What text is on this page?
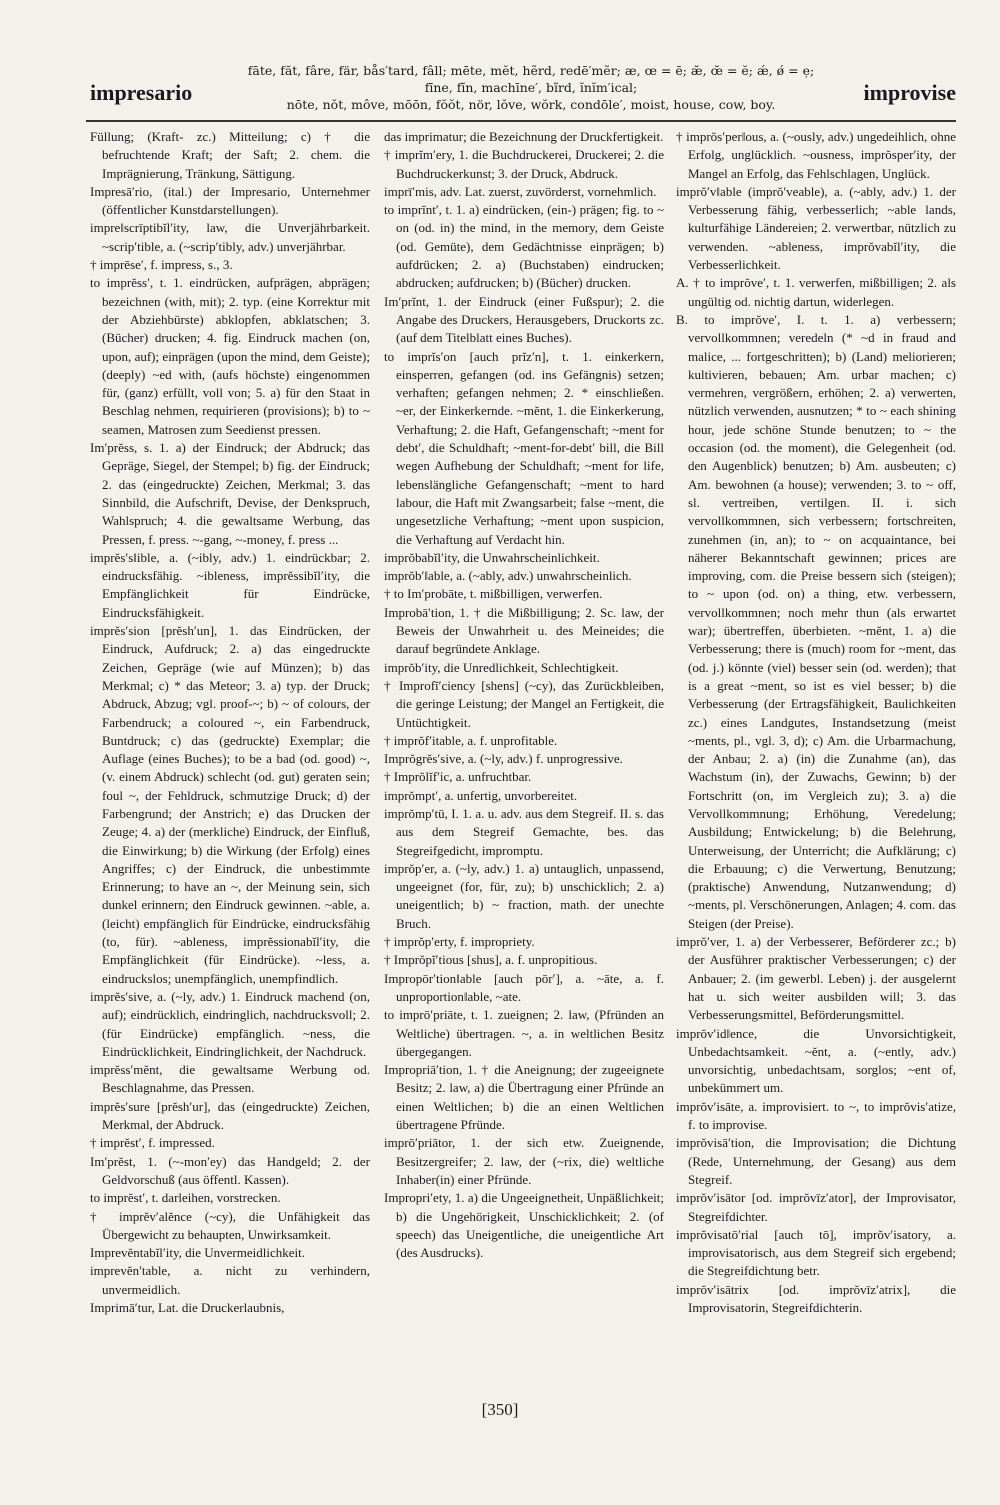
impresario
fāte, făt, fâre, fär, bås′tard, fâll; mēte, mĕt, hẽrd, redē′mẽr; æ, œ = ē; æ̆, œ̆ = ĕ; ǽ, ǿ = ẹ;
fīne, fĭn, machīne′, bĩrd, ĭnĭm′ical;
nōte, nŏt, môve, mōōn, fŏŏt, nör, lŏve, wŏrk, condōle′, moist, house, cow, boy.	improvise

Füllung; (Kraft- zc.) Mitteilung; c) † die befruchtende Kraft; der Saft; 2. chem. die Imprägnierung, Tränkung, Sättigung.

Impresā′rio, (ital.) der Impresario, Unternehmer (öffentlicher Kunstdarstellungen).

impre‖scrīptibĭl′ity, law, die Unverjährbarkeit. ~scrip′tible, a. (~scrip′tibly, adv.) unverjährbar.

† imprēse′, f. impress, s., 3.

to imprĕss′, t. 1. eindrücken, aufprägen, abprägen; bezeichnen (with, mit); 2. typ. (eine Korrektur mit der Abziehbürste) abklopfen, abklatschen; 3. (Bücher) drucken; 4. fig. Eindruck machen (on, upon, auf); einprägen (upon the mind, dem Geiste); (deeply) ~ed with, (aufs höchste) eingenommen für, (ganz) erfüllt, voll von; 5. a) für den Staat in Beschlag nehmen, requirieren (provisions); b) to ~ seamen, Matrosen zum Seedienst pressen.

Im′prĕss, s. 1. a) der Eindruck; der Abdruck; das Gepräge, Siegel, der Stempel; b) fig. der Eindruck; 2. das (eingedruckte) Zeichen, Merkmal; 3. das Sinnbild, die Aufschrift, Devise, der Denkspruch, Wahlspruch; 4. die gewaltsame Werbung, das Pressen, f. press. ~-gang, ~-money, f. press ...

imprĕs′s‖ible, a. (~ibly, adv.) 1. eindrückbar; 2. eindrucksfähig. ~ibleness, imprĕssibĭl′ity, die Empfänglichkeit für Eindrücke, Eindrucksfähigkeit.

imprĕs′sion [prĕsh′un], 1. das Eindrücken, der Eindruck, Aufdruck; 2. a) das eingedruckte Zeichen, Gepräge (wie auf Münzen); b) das Merkmal; c) * das Meteor; 3. a) typ. der Druck; Abdruck, Abzug; vgl. proof-~; b) ~ of colours, der Farbendruck; a coloured ~, ein Farbendruck, Buntdruck; c) das (gedruckte) Exemplar; die Auflage (eines Buches); to be a bad (od. good) ~, (v. einem Abdruck) schlecht (od. gut) geraten sein; foul ~, der Fehldruck, schmutzige Druck; d) der Farbengrund; der Anstrich; e) das Drucken der Zeuge; 4. a) der (merkliche) Eindruck, der Einfluß, die Einwirkung; b) die Wirkung (der Erfolg) eines Angriffes; c) der Eindruck, die unbestimmte Erinnerung; to have an ~, der Meinung sein, sich dunkel erinnern; den Eindruck gewinnen. ~able, a. (leicht) empfänglich für Eindrücke, eindrucksfähig (to, für). ~ableness, imprĕssionabĭl′ity, die Empfänglichkeit (für Eindrücke). ~less, a. eindruckslos; unempfänglich, unempfindlich.

imprĕs′sive, a. (~ly, adv.) 1. Eindruck machend (on, auf); eindrücklich, eindringlich, nachdrucksvoll; 2. (für Eindrücke) empfänglich. ~ness, die Eindrücklichkeit, Eindringlichkeit, der Nachdruck.

imprĕss′mĕnt, die gewaltsame Werbung od. Beschlagnahme, das Pressen.

imprĕs′sure [prĕsh′ur], das (eingedruckte) Zeichen, Merkmal, der Abdruck.

† imprĕst′, f. impressed.

Im′prĕst, 1. (~-mon′ey) das Handgeld; 2. der Geldvorschuß (aus öffentl. Kassen).

to imprĕst′, t. darleihen, vorstrecken.

† imprĕv′alĕnce (~cy), die Unfähigkeit das Übergewicht zu behaupten, Unwirksamkeit.

Imprevĕntabĭl′ity, die Unvermeidlichkeit.

imprevĕn′table, a. nicht zu verhindern, unvermeidlich.

Imprimā′tur, Lat. die Druckerlaubnis,

das imprimatur; die Bezeichnung der Druckfertigkeit.

† imprĭm′ery, 1. die Buchdruckerei, Druckerei; 2. die Buchdruckerkunst; 3. der Druck, Abdruck.

imprī′mis, adv. Lat. zuerst, zuvörderst, vornehmlich.

to imprĭnt′, t. 1. a) eindrücken, (ein-) prägen; fig. to ~ on (od. in) the mind, in the memory, dem Geiste (od. Gemüte), dem Gedächtnisse einprägen; b) aufdrücken; 2. a) (Buchstaben) eindrucken; abdrucken; aufdrucken; b) (Bücher) drucken.

Im′prĭnt, 1. der Eindruck (einer Fußspur); 2. die Angabe des Druckers, Herausgebers, Druckorts zc. (auf dem Titelblatt eines Buches).

to imprĭs′on [auch prĭz′n], t. 1. einkerkern, einsperren, gefangen (od. ins Gefängnis) setzen; verhaften; gefangen nehmen; 2. * einschließen. ~er, der Einkerkernde. ~mĕnt, 1. die Einkerkerung, Verhaftung; 2. die Haft, Gefangenschaft; ~ment for debt′, die Schuldhaft; ~ment-for-debt′ bill, die Bill wegen Aufhebung der Schuldhaft; ~ment for life, lebenslängliche Gefangenschaft; ~ment to hard labour, die Haft mit Zwangsarbeit; false ~ment, die ungesetzliche Verhaftung; ~ment upon suspicion, die Verhaftung auf Verdacht hin.

imprŏbabĭl′ity, die Unwahrscheinlichkeit.

imprŏb′‖able, a. (~ably, adv.) unwahrscheinlich.

† to Im′probāte, t. mißbilligen, verwerfen.

Improbā′tion, 1. † die Mißbilligung; 2. Sc. law, der Beweis der Unwahrheit u. des Meineides; die darauf begründete Anklage.

imprŏb′ity, die Unredlichkeit, Schlechtigkeit.

† Improfĭ′ciency [shens] (~cy), das Zurückbleiben, die geringe Leistung; der Mangel an Fertigkeit, die Untüchtigkeit.

† imprŏf′itable, a. f. unprofitable.

Imprŏgrĕs′sive, a. (~ly, adv.) f. unprogressive.

† Imprŏlĭf′ic, a. unfruchtbar.

imprŏmpt′, a. unfertig, unvorbereitet.

imprŏmp′tū, I. 1. a. u. adv. aus dem Stegreif. II. s. das aus dem Stegreif Gemachte, bes. das Stegreifgedicht, impromptu.

imprŏp′er, a. (~ly, adv.) 1. a) untauglich, unpassend, ungeeignet (for, für, zu); b) unschicklich; 2. a) uneigentlich; b) ~ fraction, math. der unechte Bruch.

† imprŏp′erty, f. impropriety.

† Imprŏpĭ′tious [shus], a. f. unpropitious.

Impropōr′tion‖able [auch pōr′], a. ~āte, a. f. unproportion‖able, ~ate.

to imprō′priāte, t. 1. zueignen; 2. law, (Pfründen an Weltliche) übertragen. ~, a. in weltlichen Besitz übergegangen.

Impropriā′tion, 1. † die Aneignung; der zugeeignete Besitz; 2. law, a) die Übertragung einer Pfründe an einen Weltlichen; b) die an einen Weltlichen übertragene Pfründe.

imprō′priātor, 1. der sich etw. Zueignende, Besitzergreifer; 2. law, der (~rix, die) weltliche Inhaber(in) einer Pfründe.

Impropri′ety, 1. a) die Ungeeignetheit, Unpäßlichkeit; b) die Ungehörigkeit, Unschicklichkeit; 2. (of speech) das Uneigentliche, die uneigentliche Art (des Ausdrucks).

† imprŏs′per‖ous, a. (~ously, adv.) ungedeihlich, ohne Erfolg, unglücklich. ~ousness, imprŏsper′ity, der Mangel an Erfolg, das Fehlschlagen, Unglück.

imprŏ′v‖able (imprŏ′veable), a. (~ably, adv.) 1. der Verbesserung fähig, verbesserlich; ~able lands, kulturfähige Ländereien; 2. verwertbar, nützlich zu verwenden. ~ableness, imprŏvabĭl′ity, die Verbesserlichkeit.

A. † to imprŏve′, t. 1. verwerfen, mißbilligen; 2. als ungültig od. nichtig dartun, widerlegen.

B. to imprŏve′, I. t. 1. a) verbessern; vervollkommnen; veredeln (* ~d in fraud and malice, ... fortgeschritten); b) (Land) meliorieren; kultivieren, bebauen; Am. urbar machen; c) vermehren, vergrößern, erhöhen; 2. a) verwerten, nützlich verwenden, ausnutzen; * to ~ each shining hour, jede schöne Stunde benutzen; to ~ the occasion (od. the moment), die Gelegenheit (od. den Augenblick) benutzen; b) Am. ausbeuten; c) Am. bewohnen (a house); verwenden; 3. to ~ off, sl. vertreiben, vertilgen. II. i. sich vervollkommnen, sich verbessern; fortschreiten, zunehmen (in, an); to ~ on acquaintance, bei näherer Bekanntschaft gewinnen; prices are improving, com. die Preise bessern sich (steigen); to ~ upon (od. on) a thing, etw. verbessern, vervollkommnen; noch mehr thun (als erwartet war); übertreffen, überbieten. ~mĕnt, 1. a) die Verbesserung; there is (much) room for ~ment, das (od. j.) könnte (viel) besser sein (od. werden); that is a great ~ment, so ist es viel besser; b) die Verbesserung (der Ertragsfähigkeit, Baulichkeiten zc.) eines Landgutes, Instandsetzung (meist ~ments, pl., vgl. 3, d); c) Am. die Urbarmachung, der Anbau; 2. a) (in) die Zunahme (an), das Wachstum (in), der Zuwachs, Gewinn; b) der Fortschritt (on, im Vergleich zu); 3. a) die Vervollkommnung; Erhöhung, Veredelung; Ausbildung; Entwickelung; b) die Belehrung, Unterweisung, der Unterricht; die Aufklärung; c) die Erbauung; c) die Verwertung, Benutzung; (praktische) Anwendung, Nutzanwendung; d) ~ments, pl. Verschönerungen, Anlagen; 4. com. das Steigen (der Preise).

imprŏ′ver, 1. a) der Verbesserer, Beförderer zc.; b) der Ausführer praktischer Verbesserungen; c) der Anbauer; 2. (im gewerbl. Leben) j. der ausgelernt hat u. sich weiter ausbilden will; 3. das Verbesserungsmittel, Beförderungsmittel.

imprŏv′id‖ence, die Unvorsichtigkeit, Unbedachtsamkeit. ~ĕnt, a. (~ently, adv.) unvorsichtig, unbedachtsam, sorglos; ~ent of, unbekümmert um.

imprŏv′isāte, a. improvisiert. to ~, to imprŏvis′atize, f. to improvise.

imprŏvisā′tion, die Improvisation; die Dichtung (Rede, Unternehmung, der Gesang) aus dem Stegreif.

imprŏv′isātor [od. imprŏvīz′ator], der Improvisator, Stegreifdichter.

imprŏvisatō′rial [auch tō], imprŏv′isatory, a. improvisatorisch, aus dem Stegreif sich ergebend; die Stegreifdichtung betr.

imprŏv′isātrix [od. imprŏvīz′atrix], die Improvisatorin, Stegreifdichterin.

[350]
